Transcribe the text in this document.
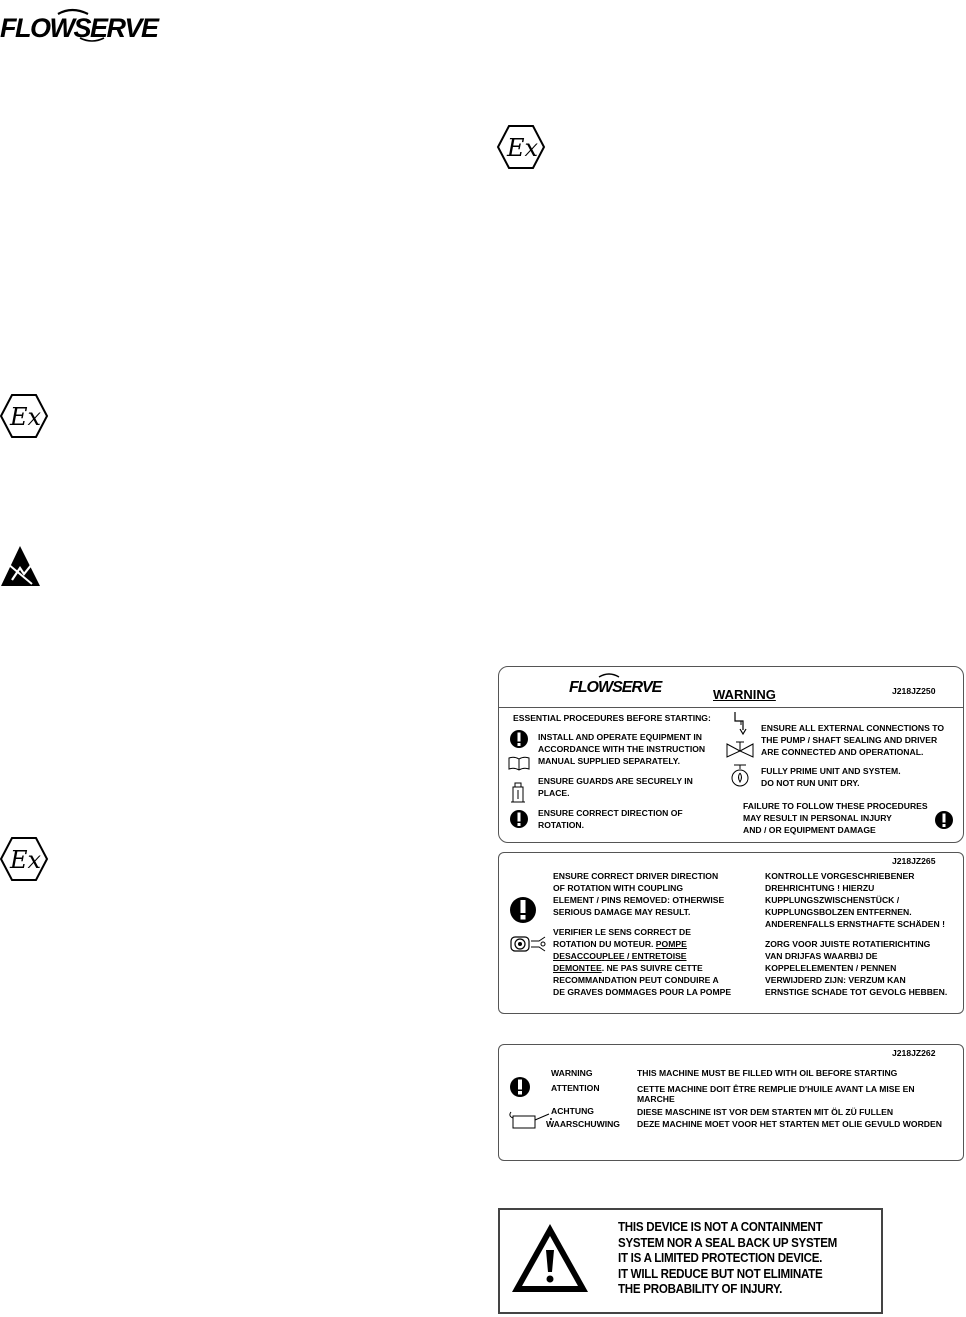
FLOWSERVE
Ex
Ex
Ex
FLOWSERVE	WARNING	J218JZ250
ESSENTIAL PROCEDURES BEFORE STARTING:
INSTALL AND OPERATE EQUIPMENT IN
ACCORDANCE WITH THE INSTRUCTION
MANUAL SUPPLIED SEPARATELY.
ENSURE GUARDS ARE SECURELY IN
PLACE.
ENSURE CORRECT DIRECTION OF
ROTATION.
ENSURE ALL EXTERNAL CONNECTIONS TO
THE PUMP / SHAFT SEALING AND DRIVER
ARE CONNECTED AND OPERATIONAL.
FULLY PRIME UNIT AND SYSTEM.
DO NOT RUN UNIT DRY.
FAILURE TO FOLLOW THESE PROCEDURES
MAY RESULT IN PERSONAL INJURY
AND / OR EQUIPMENT DAMAGE
J218JZ265
ENSURE CORRECT DRIVER DIRECTION
OF ROTATION WITH COUPLING
ELEMENT / PINS REMOVED: OTHERWISE
SERIOUS DAMAGE MAY RESULT.
VERIFIER LE SENS CORRECT DE
ROTATION DU MOTEUR. POMPE
DESACCOUPLEE / ENTRETOISE
DEMONTEE. NE PAS SUIVRE CETTE
RECOMMANDATION PEUT CONDUIRE A
DE GRAVES DOMMAGES POUR LA POMPE
KONTROLLE VORGESCHRIEBENER
DREHRICHTUNG ! HIERZU
KUPPLUNGSZWISCHENSTÜCK /
KUPPLUNGSBOLZEN ENTFERNEN.
ANDERENFALLS ERNSTHAFTE SCHÄDEN !
ZORG VOOR JUISTE ROTATIERICHTING
VAN DRIJFAS WAARBIJ DE
KOPPELELEMENTEN / PENNEN
VERWIJDERD ZIJN: VERZUM KAN
ERNSTIGE SCHADE TOT GEVOLG HEBBEN.
J218JZ262
WARNING	THIS MACHINE MUST BE FILLED WITH OIL BEFORE STARTING
ATTENTION	CETTE MACHINE DOIT ÊTRE REMPLIE D'HUILE AVANT LA MISE EN
MARCHE
ACHTUNG	DIESE MASCHINE IST VOR DEM STARTEN MIT ÖL ZÜ FULLEN
WAARSCHUWING DEZE MACHINE MOET VOOR HET STARTEN MET OLIE GEVULD WORDEN
THIS DEVICE IS NOT A CONTAINMENT
SYSTEM NOR A SEAL BACK UP SYSTEM
IT IS A LIMITED PROTECTION DEVICE.
IT WILL REDUCE BUT NOT ELIMINATE
THE PROBABILITY OF INJURY.
